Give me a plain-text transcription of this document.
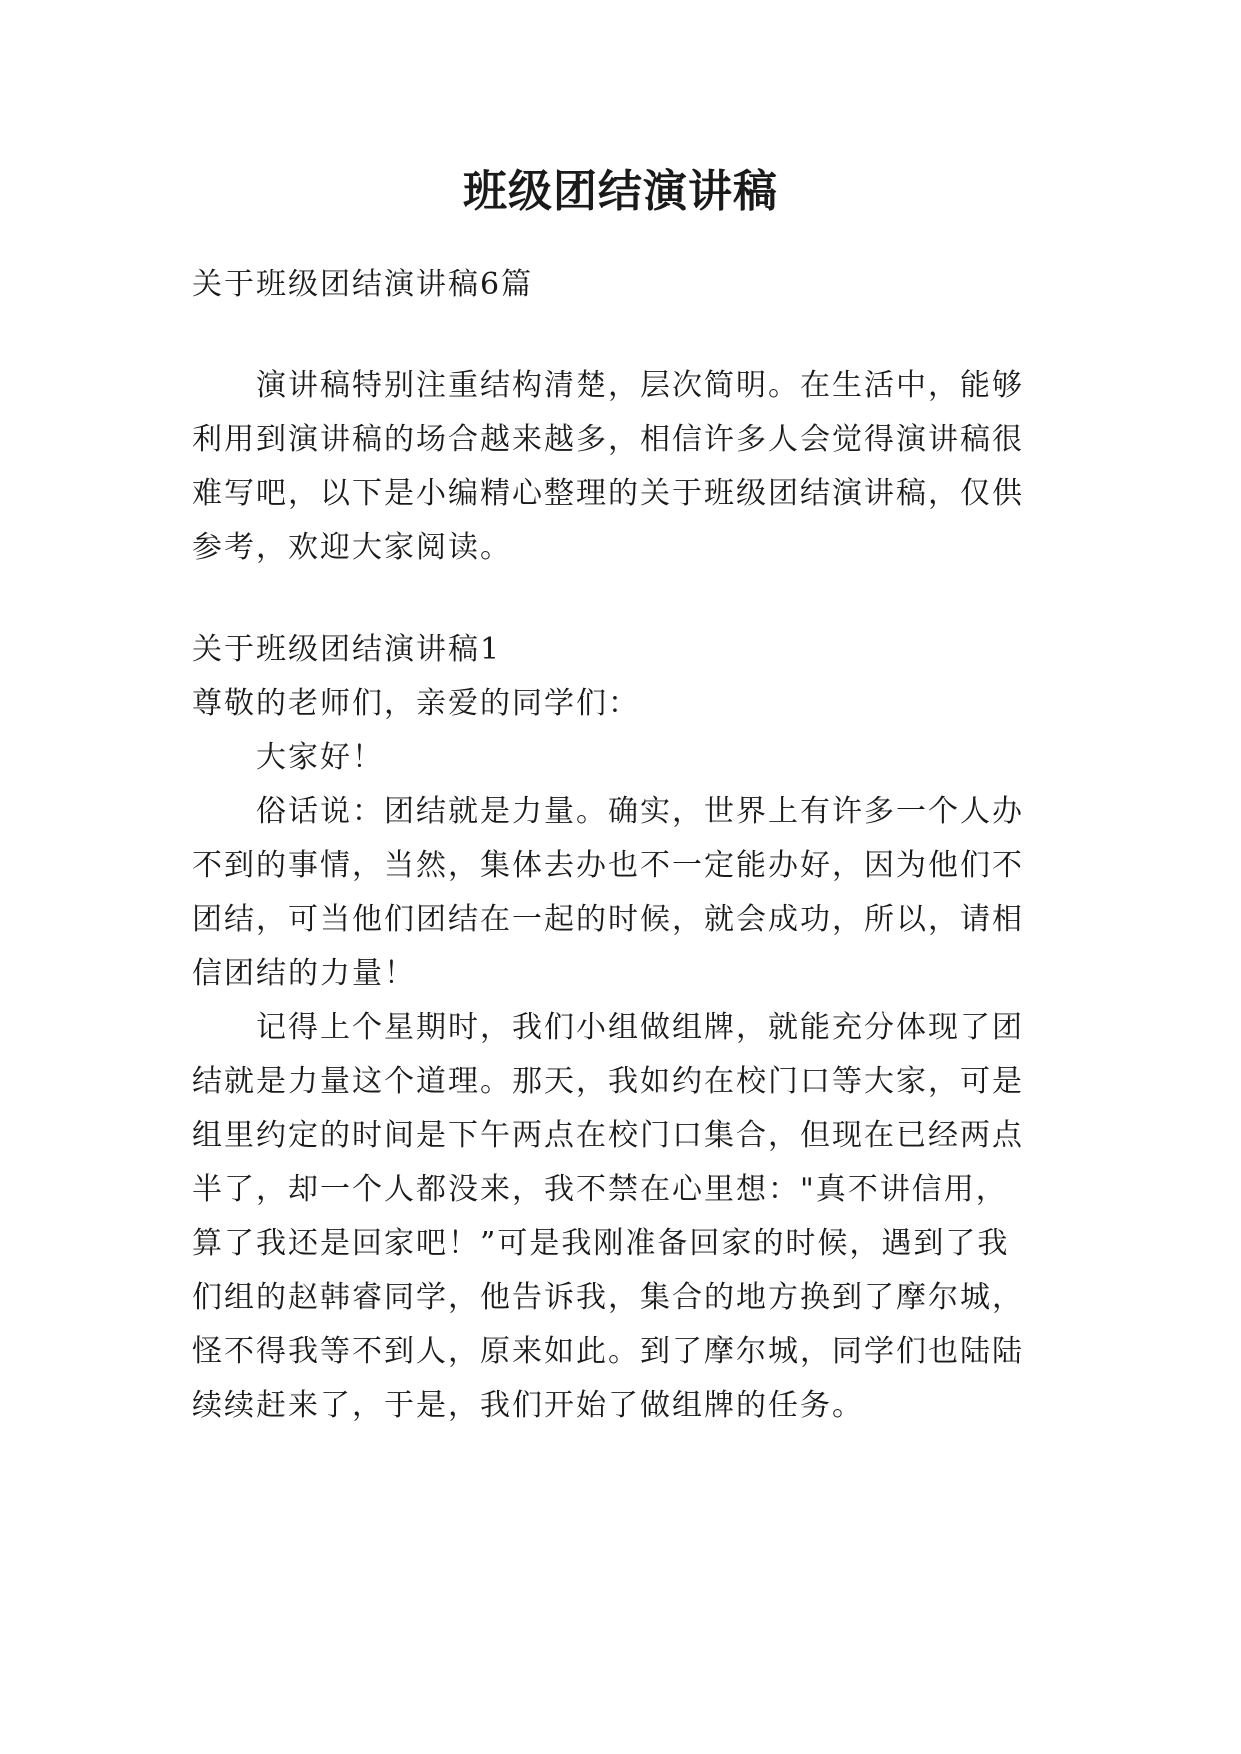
班级团结演讲稿
关于班级团结演讲稿6篇
演讲稿特别注重结构清楚，层次简明。在生活中，能够
利用到演讲稿的场合越来越多，相信许多人会觉得演讲稿很
难写吧，以下是小编精心整理的关于班级团结演讲稿，仅供
参考，欢迎大家阅读。
关于班级团结演讲稿1
尊敬的老师们，亲爱的同学们：
大家好！
俗话说：团结就是力量。确实，世界上有许多一个人办
不到的事情，当然，集体去办也不一定能办好，因为他们不
团结，可当他们团结在一起的时候，就会成功，所以，请相
信团结的力量！
记得上个星期时，我们小组做组牌，就能充分体现了团
结就是力量这个道理。那天，我如约在校门口等大家，可是
组里约定的时间是下午两点在校门口集合，但现在已经两点
半了，却一个人都没来，我不禁在心里想："真不讲信用，
算了我还是回家吧！”可是我刚准备回家的时候，遇到了我
们组的赵韩睿同学，他告诉我，集合的地方换到了摩尔城，
怪不得我等不到人，原来如此。到了摩尔城，同学们也陆陆
续续赶来了，于是，我们开始了做组牌的任务。
